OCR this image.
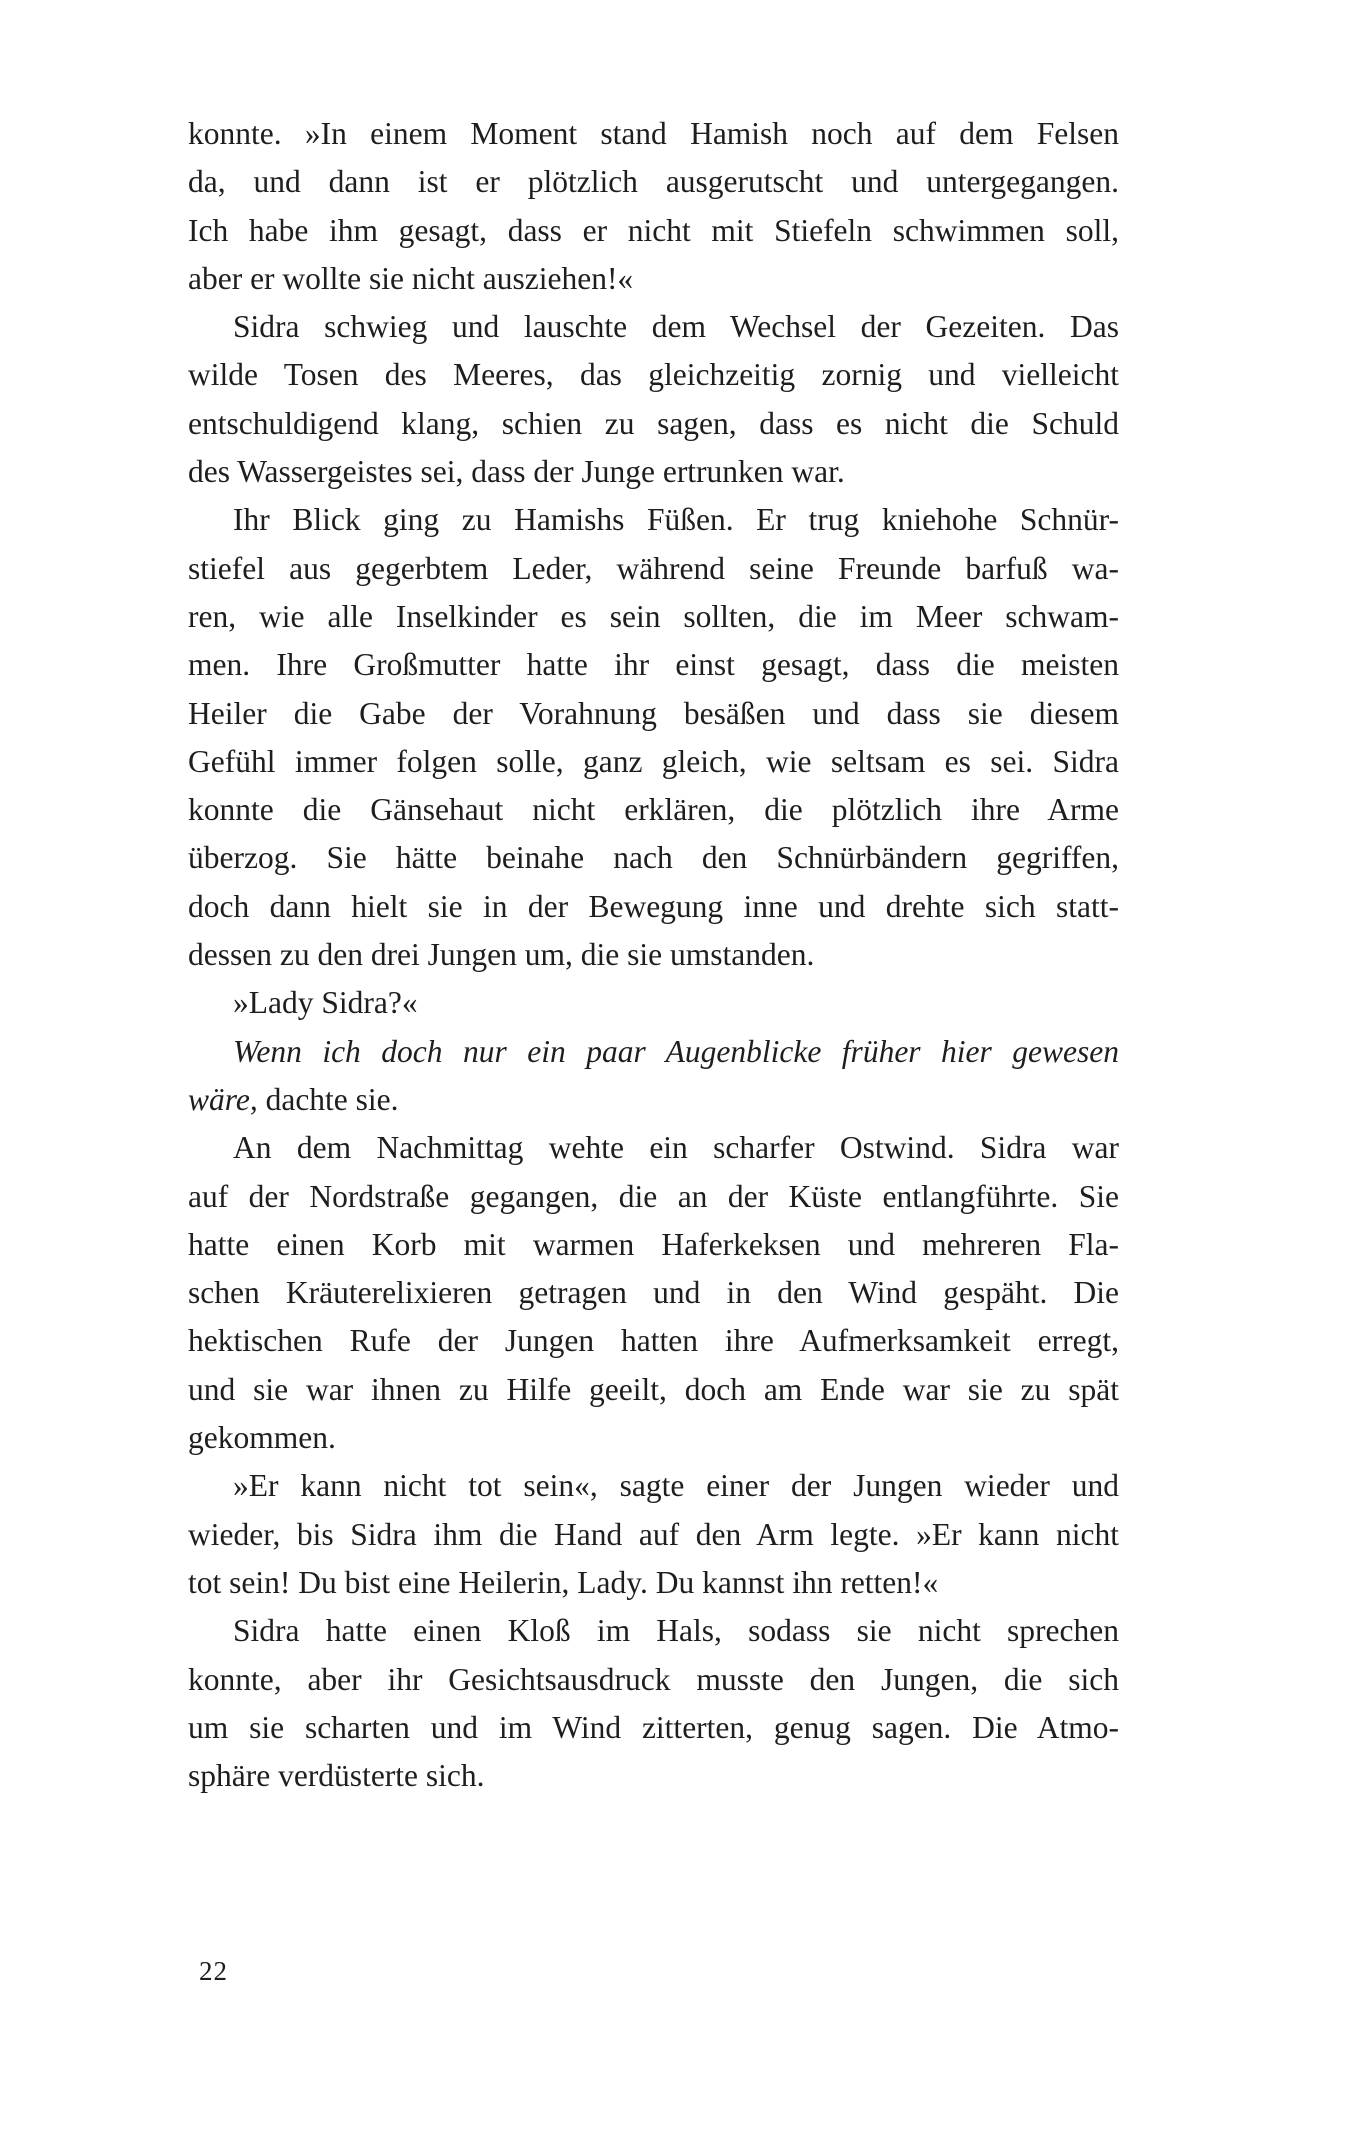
konnte. »In einem Moment stand Hamish noch auf dem Felsen
da, und dann ist er plötzlich ausgerutscht und untergegangen.
Ich habe ihm gesagt, dass er nicht mit Stiefeln schwimmen soll,
aber er wollte sie nicht ausziehen!«
Sidra schwieg und lauschte dem Wechsel der Gezeiten. Das
wilde Tosen des Meeres, das gleichzeitig zornig und vielleicht
entschuldigend klang, schien zu sagen, dass es nicht die Schuld
des Wassergeistes sei, dass der Junge ertrunken war.
Ihr Blick ging zu Hamishs Füßen. Er trug kniehohe Schnür-
stiefel aus gegerbtem Leder, während seine Freunde barfuß wa-
ren, wie alle Inselkinder es sein sollten, die im Meer schwam-
men. Ihre Großmutter hatte ihr einst gesagt, dass die meisten
Heiler die Gabe der Vorahnung besäßen und dass sie diesem
Gefühl immer folgen solle, ganz gleich, wie seltsam es sei. Sidra
konnte die Gänsehaut nicht erklären, die plötzlich ihre Arme
überzog. Sie hätte beinahe nach den Schnürbändern gegriffen,
doch dann hielt sie in der Bewegung inne und drehte sich statt-
dessen zu den drei Jungen um, die sie umstanden.
»Lady Sidra?«
Wenn ich doch nur ein paar Augenblicke früher hier gewesen
wäre, dachte sie.
An dem Nachmittag wehte ein scharfer Ostwind. Sidra war
auf der Nordstraße gegangen, die an der Küste entlangführte. Sie
hatte einen Korb mit warmen Haferkeksen und mehreren Fla-
schen Kräuterelixieren getragen und in den Wind gespäht. Die
hektischen Rufe der Jungen hatten ihre Aufmerksamkeit erregt,
und sie war ihnen zu Hilfe geeilt, doch am Ende war sie zu spät
gekommen.
»Er kann nicht tot sein«, sagte einer der Jungen wieder und
wieder, bis Sidra ihm die Hand auf den Arm legte. »Er kann nicht
tot sein! Du bist eine Heilerin, Lady. Du kannst ihn retten!«
Sidra hatte einen Kloß im Hals, sodass sie nicht sprechen
konnte, aber ihr Gesichtsausdruck musste den Jungen, die sich
um sie scharten und im Wind zitterten, genug sagen. Die Atmo-
sphäre verdüsterte sich.
22
